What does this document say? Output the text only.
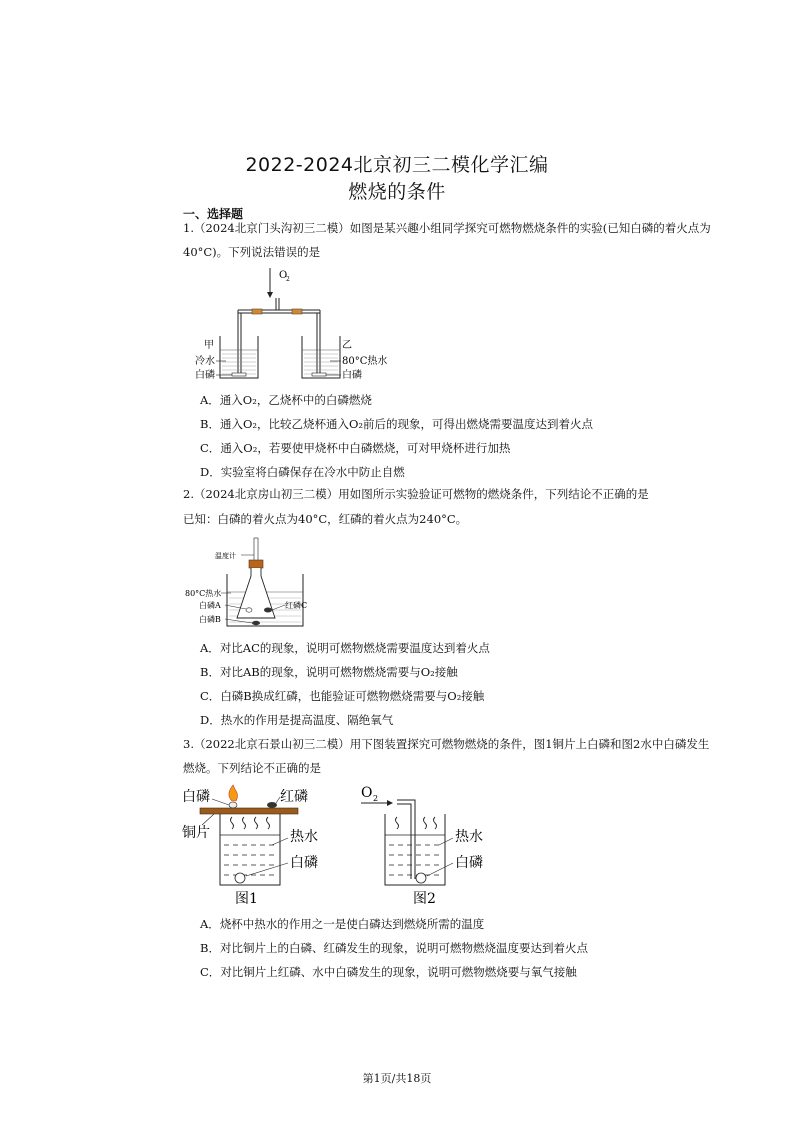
2022-2024北京初三二模化学汇编
燃烧的条件
一、选择题
1.（2024北京门头沟初三二模）如图是某兴趣小组同学探究可燃物燃烧条件的实验(已知白磷的着火点为
40°C)。下列说法错误的是
O
2
甲
冷水
白磷
乙
80°C热水
白磷
A．通入O₂，乙烧杯中的白磷燃烧
B．通入O₂，比较乙烧杯通入O₂前后的现象，可得出燃烧需要温度达到着火点
C．通入O₂，若要使甲烧杯中白磷燃烧，可对甲烧杯进行加热
D．实验室将白磷保存在冷水中防止自燃
2.（2024北京房山初三二模）用如图所示实验验证可燃物的燃烧条件，下列结论不正确的是
已知：白磷的着火点为40°C，红磷的着火点为240°C。
温度计
80°C热水
白磷A
白磷B
红磷C
A．对比AC的现象，说明可燃物燃烧需要温度达到着火点
B．对比AB的现象，说明可燃物燃烧需要与O₂接触
C．白磷B换成红磷，也能验证可燃物燃烧需要与O₂接触
D．热水的作用是提高温度、隔绝氧气
3.（2022北京石景山初三二模）用下图装置探究可燃物燃烧的条件，图1铜片上白磷和图2水中白磷发生
燃烧。下列结论不正确的是
白磷	红磷
铜片	热水
白磷
图1
O 2
热水
白磷
图2
A．烧杯中热水的作用之一是使白磷达到燃烧所需的温度
B．对比铜片上的白磷、红磷发生的现象，说明可燃物燃烧温度要达到着火点
C．对比铜片上红磷、水中白磷发生的现象，说明可燃物燃烧要与氧气接触
第1页/共18页
